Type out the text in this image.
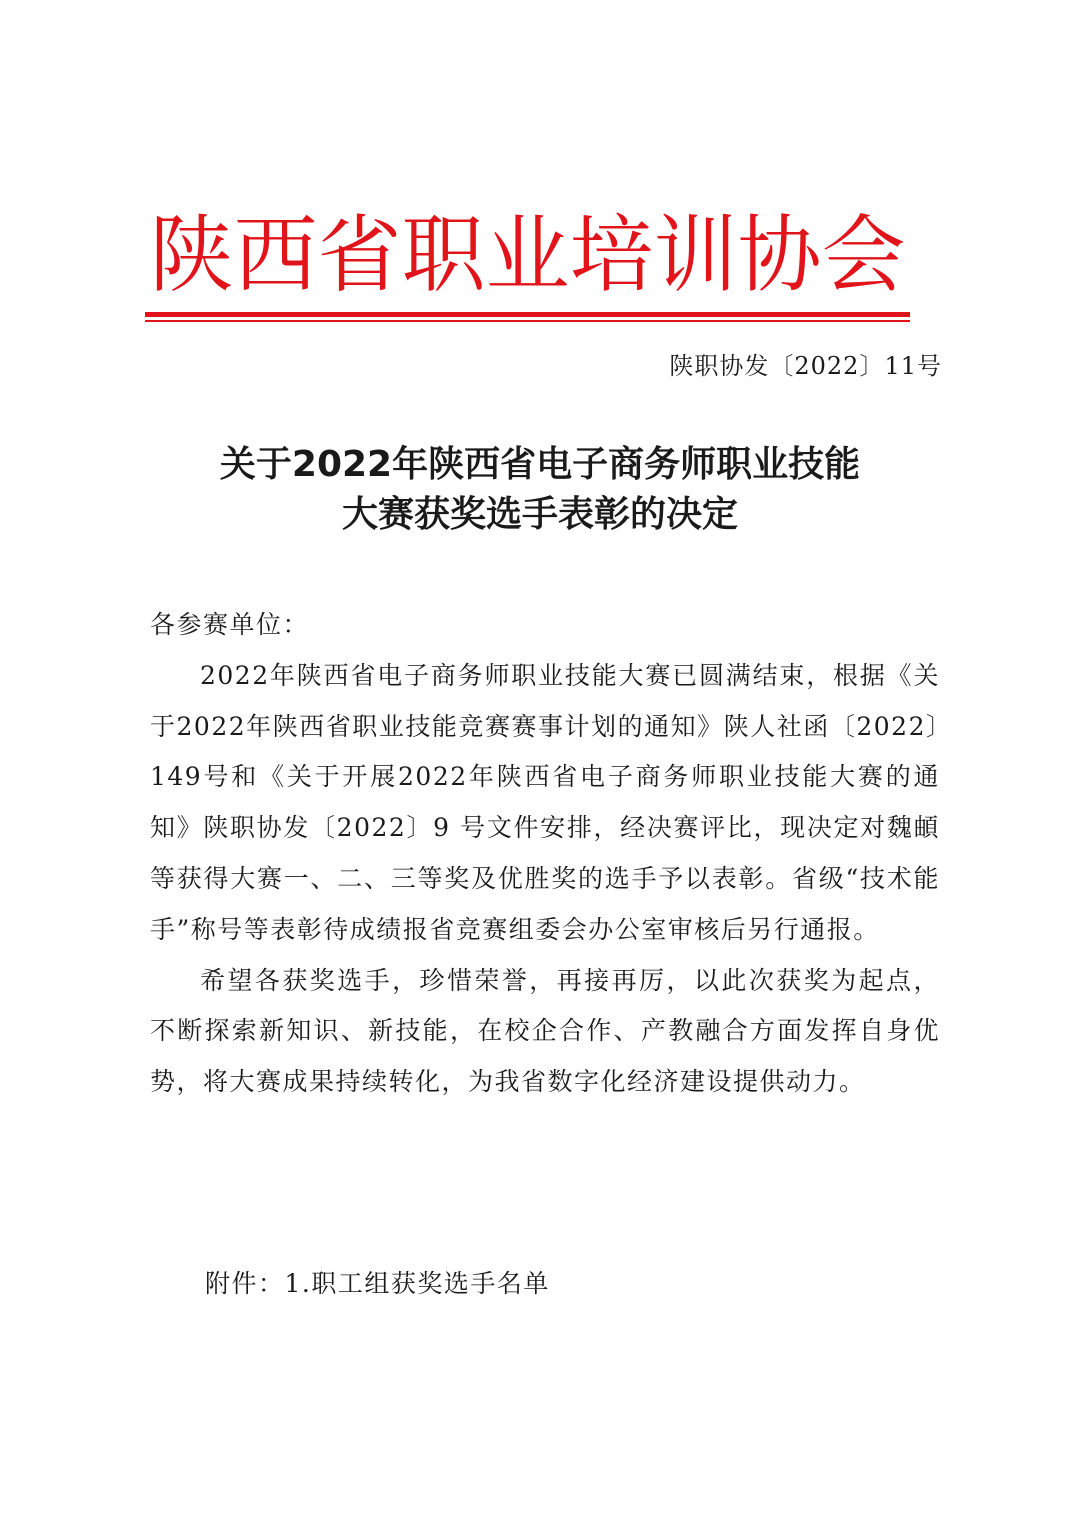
陕西省职业培训协会
陕职协发〔2022〕11号
关于2022年陕西省电子商务师职业技能
大赛获奖选手表彰的决定

各参赛单位：

2022年陕西省电子商务师职业技能大赛已圆满结束，根据《关于2022年陕西省职业技能竞赛赛事计划的通知》陕人社函〔2022〕149号和《关于开展2022年陕西省电子商务师职业技能大赛的通知》陕职协发〔2022〕9 号文件安排，经决赛评比，现决定对魏頔等获得大赛一、二、三等奖及优胜奖的选手予以表彰。省级“技术能手”称号等表彰待成绩报省竞赛组委会办公室审核后另行通报。

希望各获奖选手，珍惜荣誉，再接再厉，以此次获奖为起点，不断探索新知识、新技能，在校企合作、产教融合方面发挥自身优势，将大赛成果持续转化，为我省数字化经济建设提供动力。

附件：1.职工组获奖选手名单
